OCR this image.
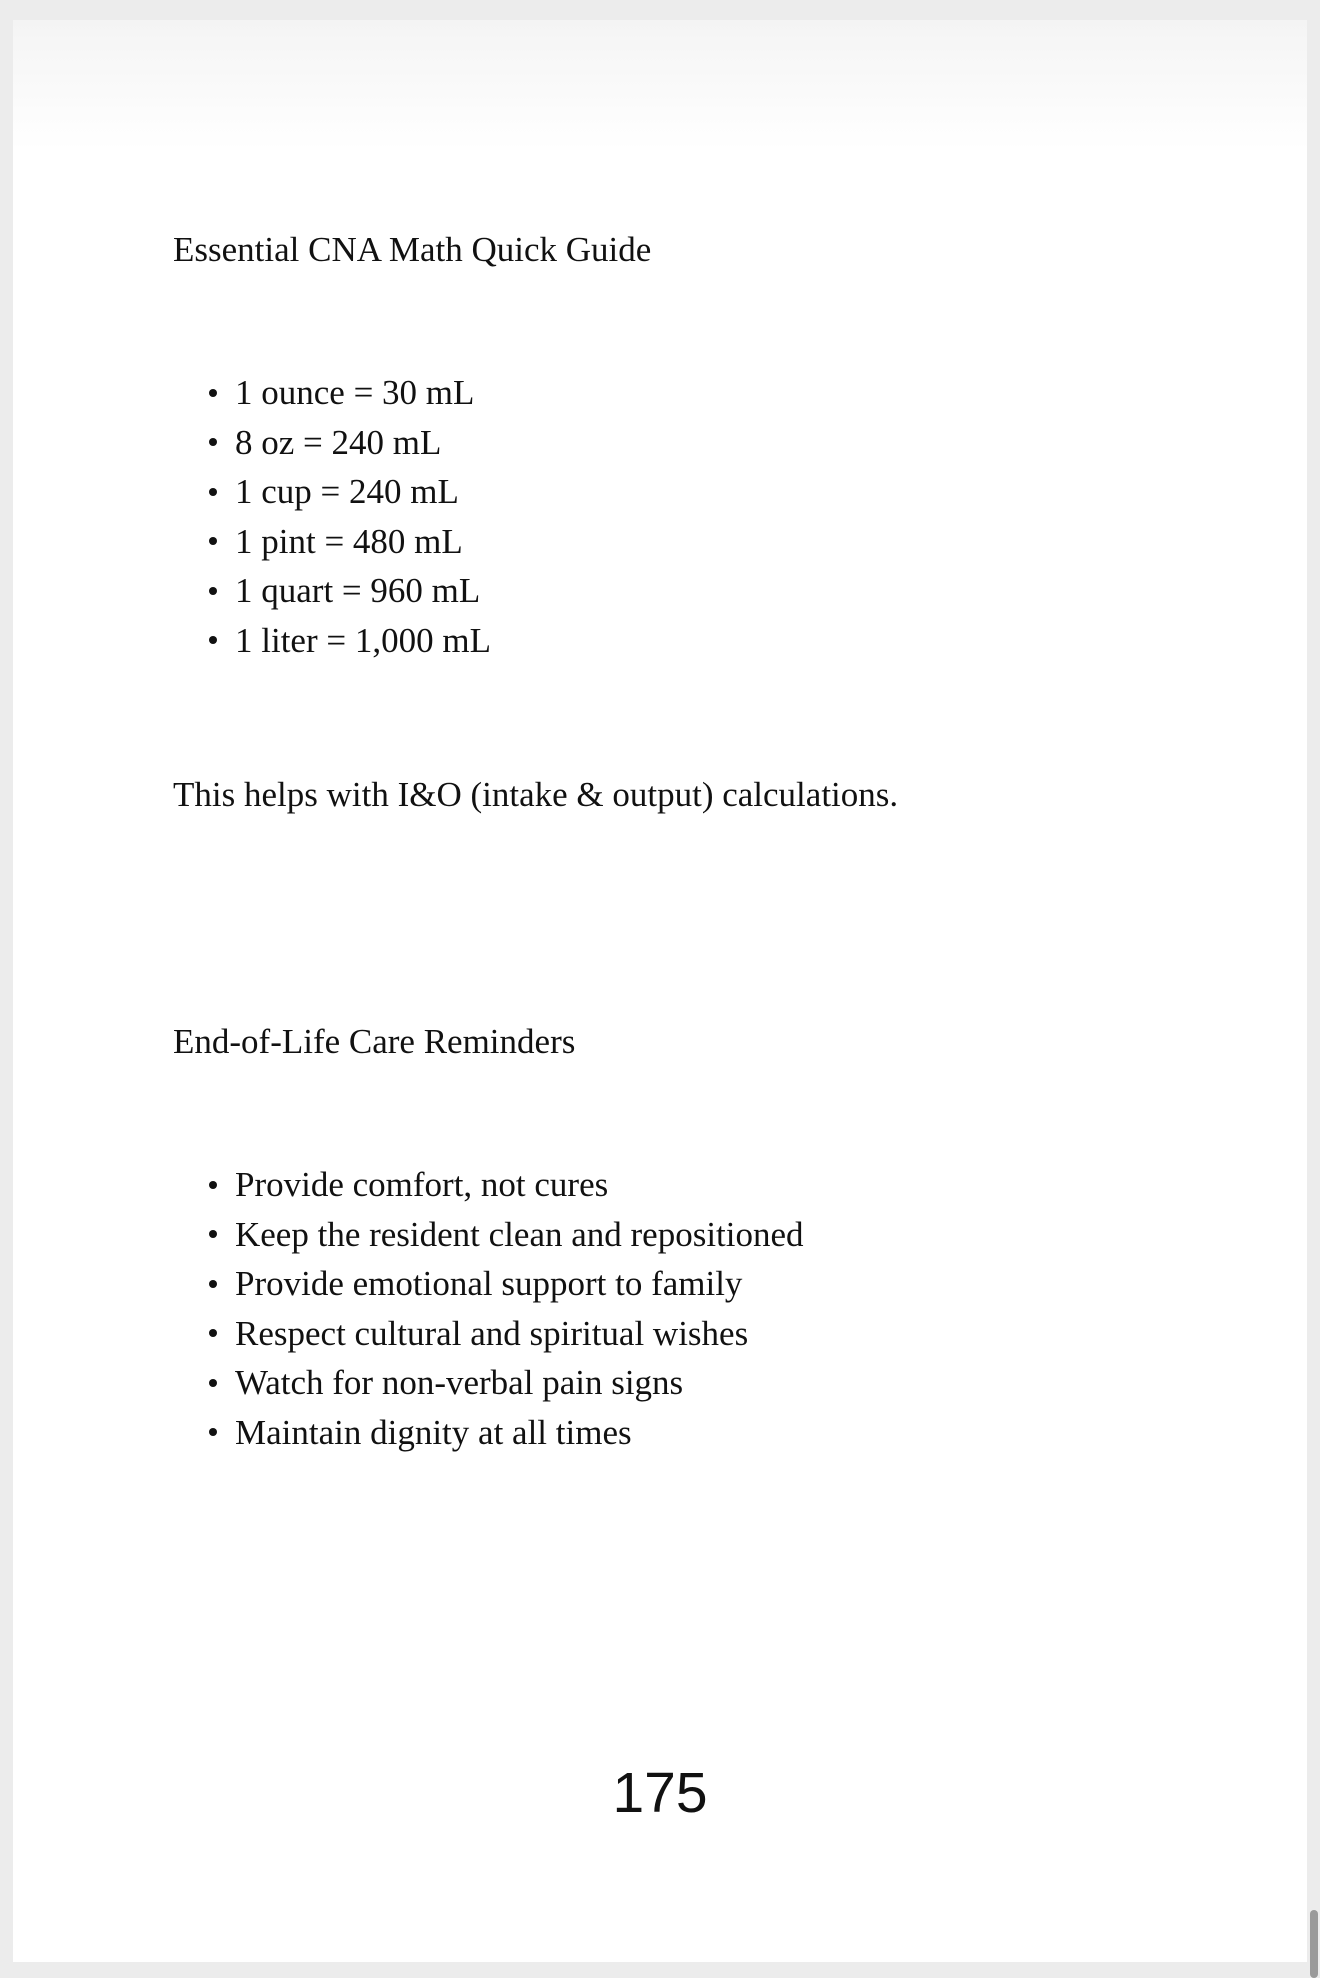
Essential CNA Math Quick Guide
1 ounce = 30 mL
8 oz = 240 mL
1 cup = 240 mL
1 pint = 480 mL
1 quart = 960 mL
1 liter = 1,000 mL

This helps with I&O (intake & output) calculations.

End-of-Life Care Reminders
Provide comfort, not cures
Keep the resident clean and repositioned
Provide emotional support to family
Respect cultural and spiritual wishes
Watch for non-verbal pain signs
Maintain dignity at all times
175
